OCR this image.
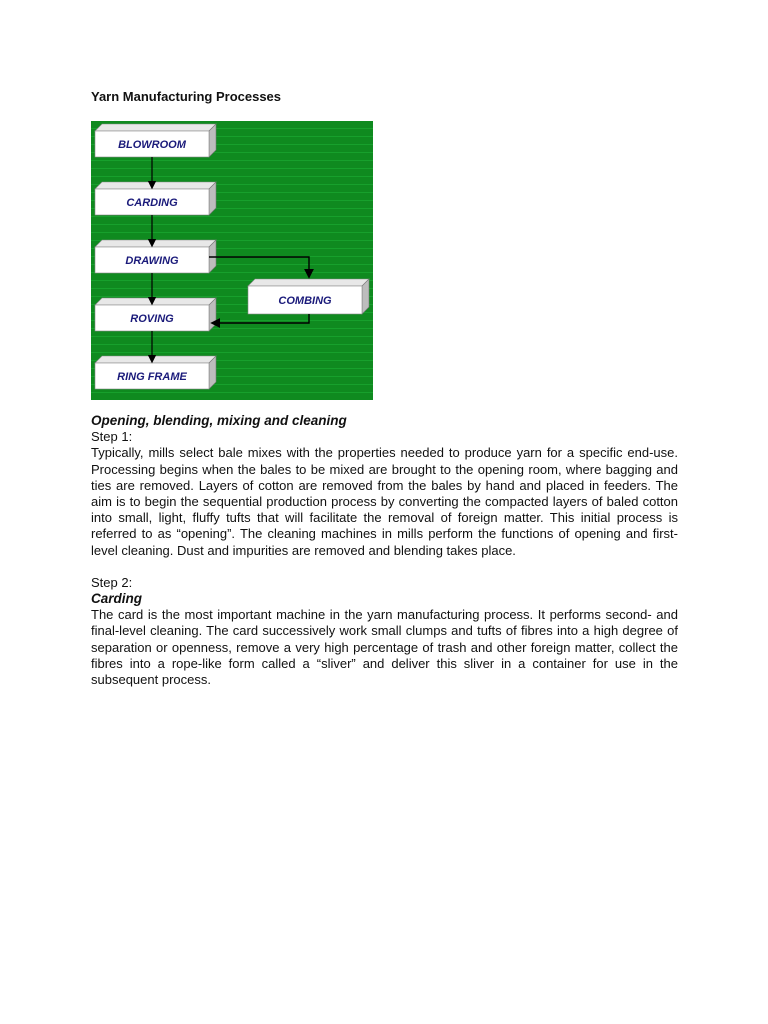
Yarn Manufacturing Processes
BLOWROOM
CARDING
DRAWING
ROVING
RING FRAME
COMBING
Opening, blending, mixing and cleaning
Step 1:

Typically, mills select bale mixes with the properties needed to produce yarn for a specific end-use. Processing begins when the bales to be mixed are brought to the opening room, where bagging and ties are removed. Layers of cotton are removed from the bales by hand and placed in feeders. The aim is to begin the sequential production process by converting the compacted layers of baled cotton into small, light, fluffy tufts that will facilitate the removal of foreign matter. This initial process is referred to as “opening”. The cleaning machines in mills perform the functions of opening and first-level cleaning. Dust and impurities are removed and blending takes place.

Step 2:
Carding

The card is the most important machine in the yarn manufacturing process. It performs second- and final-level cleaning. The card successively work small clumps and tufts of fibres into a high degree of separation or openness, remove a very high percentage of trash and other foreign matter, collect the fibres into a rope-like form called a “sliver” and deliver this sliver in a container for use in the subsequent process.
